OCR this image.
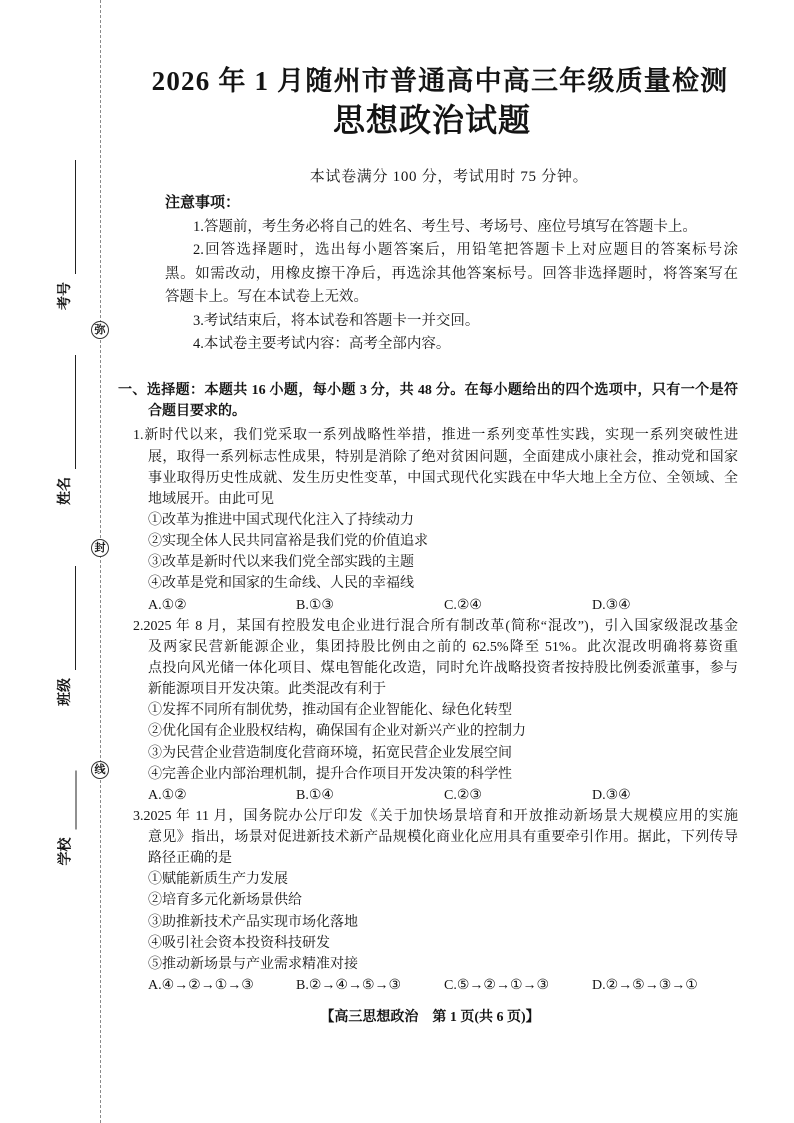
弥
封
线
考号
姓名
班级
学校
2026 年 1 月随州市普通高中高三年级质量检测
思想政治试题
本试卷满分 100 分，考试用时 75 分钟。
注意事项：
1.答题前，考生务必将自己的姓名、考生号、考场号、座位号填写在答题卡上。
2.回答选择题时，选出每小题答案后，用铅笔把答题卡上对应题目的答案标号涂
黑。如需改动，用橡皮擦干净后，再选涂其他答案标号。回答非选择题时，将答案写在
答题卡上。写在本试卷上无效。
3.考试结束后，将本试卷和答题卡一并交回。
4.本试卷主要考试内容：高考全部内容。
一、选择题：本题共 16 小题，每小题 3 分，共 48 分。在每小题给出的四个选项中，只有一个是符
合题目要求的。
1.新时代以来，我们党采取一系列战略性举措，推进一系列变革性实践，实现一系列突破性进
展，取得一系列标志性成果，特别是消除了绝对贫困问题，全面建成小康社会，推动党和国家
事业取得历史性成就、发生历史性变革，中国式现代化实践在中华大地上全方位、全领域、全
地域展开。由此可见
①改革为推进中国式现代化注入了持续动力
②实现全体人民共同富裕是我们党的价值追求
③改革是新时代以来我们党全部实践的主题
④改革是党和国家的生命线、人民的幸福线
A.①②	B.①③	C.②④	D.③④
2.2025 年 8 月，某国有控股发电企业进行混合所有制改革(简称“混改”)，引入国家级混改基金
及两家民营新能源企业，集团持股比例由之前的 62.5%降至 51%。此次混改明确将募资重
点投向风光储一体化项目、煤电智能化改造，同时允许战略投资者按持股比例委派董事，参与
新能源项目开发决策。此类混改有利于
①发挥不同所有制优势，推动国有企业智能化、绿色化转型
②优化国有企业股权结构，确保国有企业对新兴产业的控制力
③为民营企业营造制度化营商环境，拓宽民营企业发展空间
④完善企业内部治理机制，提升合作项目开发决策的科学性
A.①②	B.①④	C.②③	D.③④
3.2025 年 11 月，国务院办公厅印发《关于加快场景培育和开放推动新场景大规模应用的实施
意见》指出，场景对促进新技术新产品规模化商业化应用具有重要牵引作用。据此，下列传导
路径正确的是
①赋能新质生产力发展
②培育多元化新场景供给
③助推新技术产品实现市场化落地
④吸引社会资本投资科技研发
⑤推动新场景与产业需求精准对接
A.④→②→①→③	B.②→④→⑤→③	C.⑤→②→①→③	D.②→⑤→③→①
【高三思想政治　第 1 页(共 6 页)】
